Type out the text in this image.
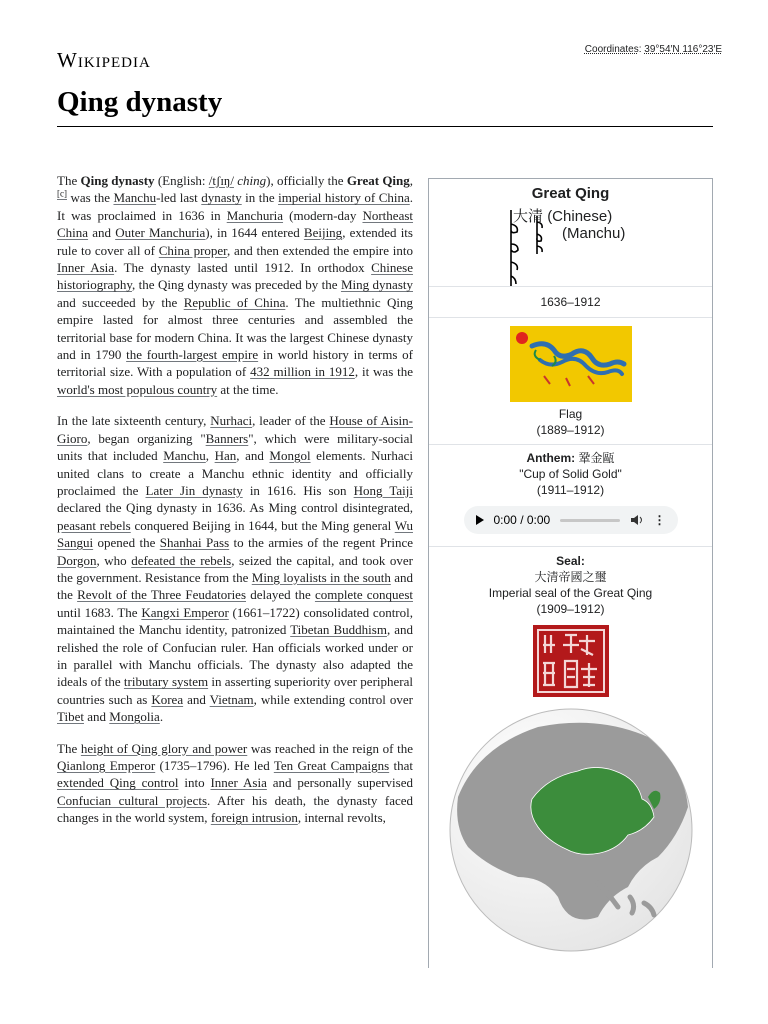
Wikipedia	Coordinates: 39°54′N 116°23′E
Qing dynasty

The Qing dynasty (English: /tʃɪŋ/ ching), officially the Great Qing,[c] was the Manchu-led last dynasty in the imperial history of China. It was proclaimed in 1636 in Manchuria (modern-day Northeast China and Outer Manchuria), in 1644 entered Beijing, extended its rule to cover all of China proper, and then extended the empire into Inner Asia. The dynasty lasted until 1912. In orthodox Chinese historiography, the Qing dynasty was preceded by the Ming dynasty and succeeded by the Republic of China. The multiethnic Qing empire lasted for almost three centuries and assembled the territorial base for modern China. It was the largest Chinese dynasty and in 1790 the fourth-largest empire in world history in terms of territorial size. With a population of 432 million in 1912, it was the world's most populous country at the time.

In the late sixteenth century, Nurhaci, leader of the House of Aisin-Gioro, began organizing "Banners", which were military-social units that included Manchu, Han, and Mongol elements. Nurhaci united clans to create a Manchu ethnic identity and officially proclaimed the Later Jin dynasty in 1616. His son Hong Taiji declared the Qing dynasty in 1636. As Ming control disintegrated, peasant rebels conquered Beijing in 1644, but the Ming general Wu Sangui opened the Shanhai Pass to the armies of the regent Prince Dorgon, who defeated the rebels, seized the capital, and took over the government. Resistance from the Ming loyalists in the south and the Revolt of the Three Feudatories delayed the complete conquest until 1683. The Kangxi Emperor (1661–1722) consolidated control, maintained the Manchu identity, patronized Tibetan Buddhism, and relished the role of Confucian ruler. Han officials worked under or in parallel with Manchu officials. The dynasty also adapted the ideals of the tributary system in asserting superiority over peripheral countries such as Korea and Vietnam, while extending control over Tibet and Mongolia.

The height of Qing glory and power was reached in the reign of the Qianlong Emperor (1735–1796). He led Ten Great Campaigns that extended Qing control into Inner Asia and personally supervised Confucian cultural projects. After his death, the dynasty faced changes in the world system, foreign intrusion, internal revolts,

Great Qing
大清 (Chinese)
(Manchu)
1636–1912
Flag
(1889–1912)
Anthem: 鞏金甌
"Cup of Solid Gold"
(1911–1912)
0:00 / 0:00	⋮
Seal:
大清帝國之璽
Imperial seal of the Great Qing
(1909–1912)
